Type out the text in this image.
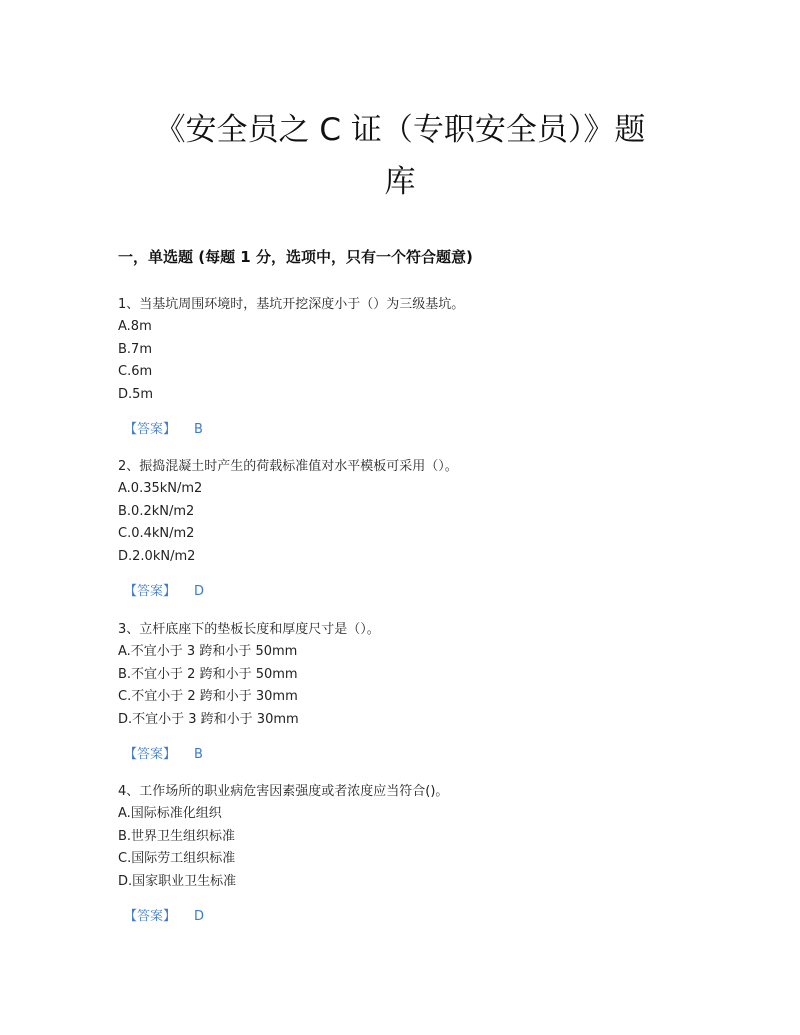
《安全员之 C 证（专职安全员）》题
库
一，单选题 (每题 1 分，选项中，只有一个符合题意)
1、当基坑周围环境时，基坑开挖深度小于（）为三级基坑。
A.8m
B.7m
C.6m
D.5m
【答案】 B
2、振捣混凝土时产生的荷载标准值对水平模板可采用（）。
A.0.35kN/m2
B.0.2kN/m2
C.0.4kN/m2
D.2.0kN/m2
【答案】 D
3、立杆底座下的垫板长度和厚度尺寸是（）。
A.不宜小于 3 跨和小于 50mm
B.不宜小于 2 跨和小于 50mm
C.不宜小于 2 跨和小于 30mm
D.不宜小于 3 跨和小于 30mm
【答案】 B
4、工作场所的职业病危害因素强度或者浓度应当符合()。
A.国际标准化组织
B.世界卫生组织标准
C.国际劳工组织标准
D.国家职业卫生标准
【答案】 D
